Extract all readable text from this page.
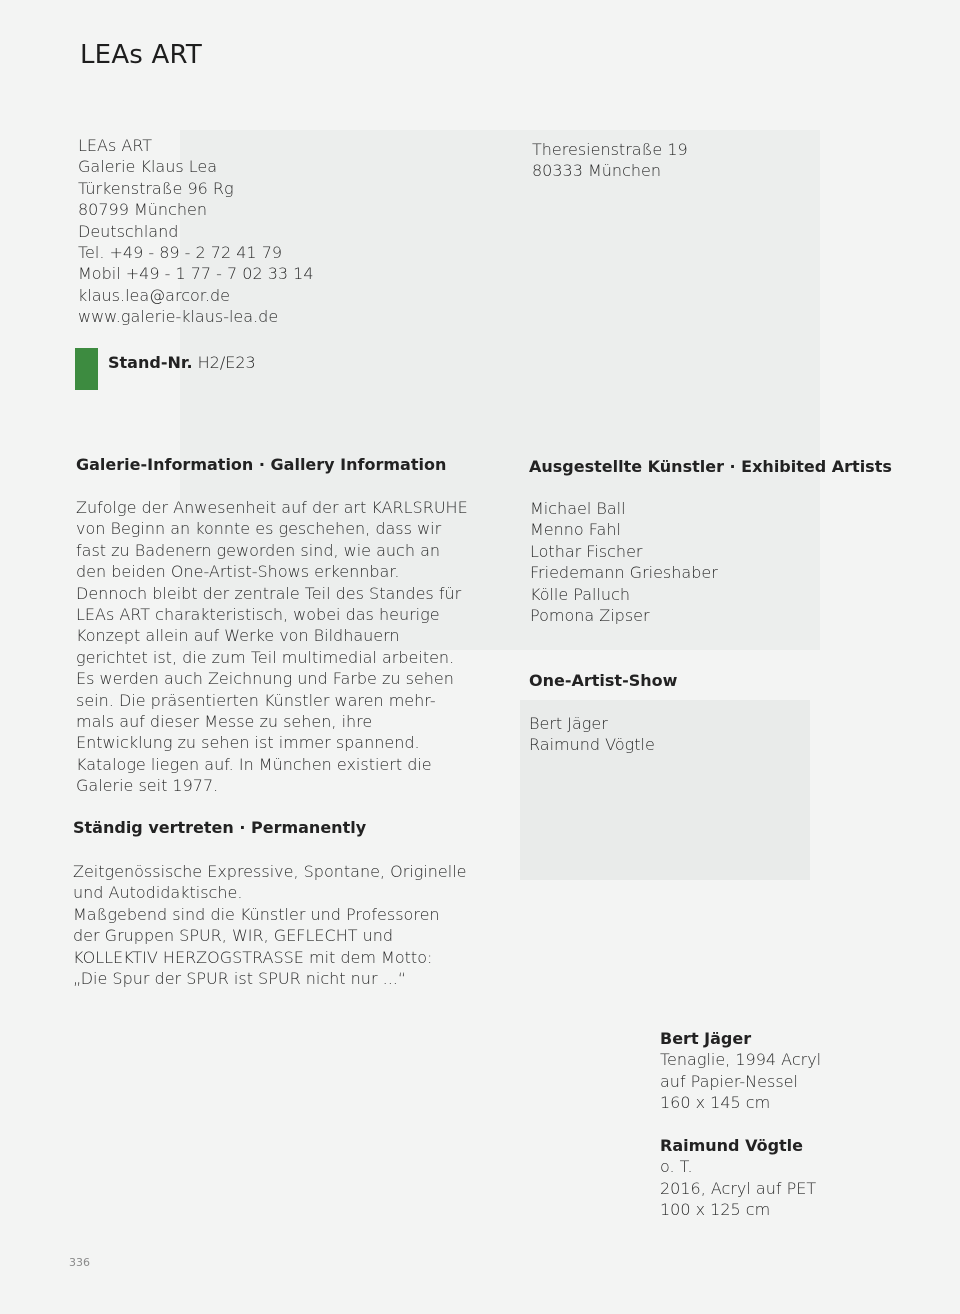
LEAs ART
LEAs ART
Galerie Klaus Lea
Türkenstraße 96 Rg
80799 München
Deutschland
Tel. +49 - 89 - 2 72 41 79
Mobil +49 - 1 77 - 7 02 33 14
klaus.lea@arcor.de
www.galerie-klaus-lea.de
Theresienstraße 19
80333 München
Stand-Nr. H2/E23
Galerie-Information · Gallery Information
Zufolge der Anwesenheit auf der art KARLSRUHE
von Beginn an konnte es geschehen, dass wir
fast zu Badenern geworden sind, wie auch an
den beiden One-Artist-Shows erkennbar.
Dennoch bleibt der zentrale Teil des Standes für
LEAs ART charakteristisch, wobei das heurige
Konzept allein auf Werke von Bildhauern
gerichtet ist, die zum Teil multimedial arbeiten.
Es werden auch Zeichnung und Farbe zu sehen
sein. Die präsentierten Künstler waren mehr-
mals auf dieser Messe zu sehen, ihre
Entwicklung zu sehen ist immer spannend.
Kataloge liegen auf. In München existiert die
Galerie seit 1977.
Ausgestellte Künstler · Exhibited Artists
Michael Ball
Menno Fahl
Lothar Fischer
Friedemann Grieshaber
Kölle Palluch
Pomona Zipser
One-Artist-Show
Bert Jäger
Raimund Vögtle
Ständig vertreten · Permanently
Zeitgenössische Expressive, Spontane, Originelle
und Autodidaktische.
Maßgebend sind die Künstler und Professoren
der Gruppen SPUR, WIR, GEFLECHT und
KOLLEKTIV HERZOGSTRASSE mit dem Motto:
„Die Spur der SPUR ist SPUR nicht nur ...“
Bert Jäger
Tenaglie, 1994 Acryl
auf Papier-Nessel
160 x 145 cm
Raimund Vögtle
o. T.
2016, Acryl auf PET
100 x 125 cm
336
